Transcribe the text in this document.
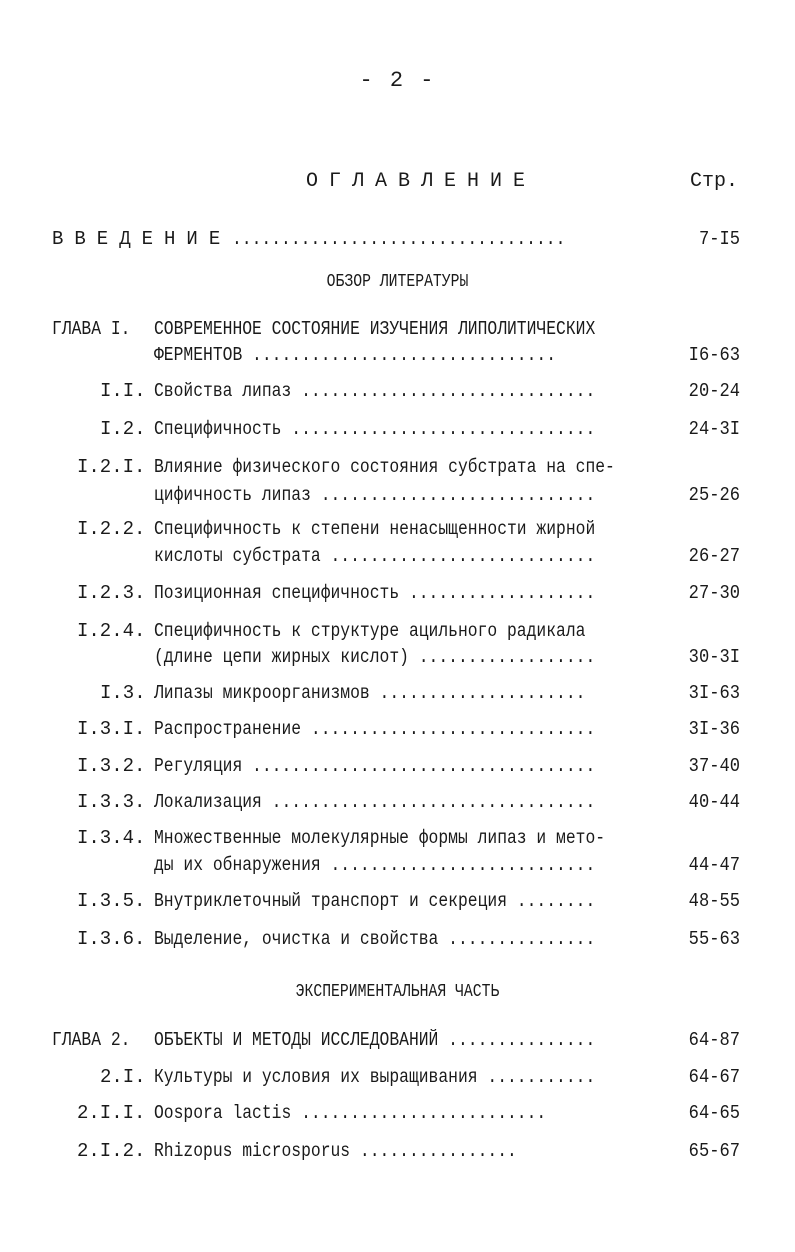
- 2 -
ОГЛАВЛЕНИЕ	Стр.
ВВЕДЕНИЕ ..................................	7-I5
ОБЗОР ЛИТЕРАТУРЫ
ГЛАВА I. СОВРЕМЕННОЕ СОСТОЯНИЕ ИЗУЧЕНИЯ ЛИПОЛИТИЧЕСКИХ
ФЕРМЕНТОВ ...............................	I6-63
I.I. Свойства липаз ..............................	20-24
I.2. Специфичность ...............................	24-3I
I.2.I. Влияние физического состояния субстрата на спе-
цифичноcть липаз ............................	25-26
I.2.2. Специфичность к степени ненасыщенности жирной
кислоты субстрата ...........................	26-27
I.2.3. Позиционная специфичность ...................	27-30
I.2.4. Специфичность к структуре ацильного радикала
(длине цепи жирных кислот) ..................	30-3I
I.3. Липазы микроорганизмов .....................	3I-63
I.3.I. Распространение .............................	3I-36
I.3.2. Регуляция ...................................	37-40
I.3.3. Локализация .................................	40-44
I.3.4. Множественные молекулярные формы липаз и мето-
ды их обнаружения ...........................	44-47
I.3.5. Внутриклеточный транспорт и секреция ........	48-55
I.3.6. Выделение, очистка и свойства ...............	55-63
ЭКСПЕРИМЕНТАЛЬНАЯ ЧАСТЬ
ГЛАВА 2. ОБЪЕКТЫ И МЕТОДЫ ИССЛЕДОВАНИЙ ...............	64-87
2.I. Культуры и условия их выращивания ...........	64-67
2.I.I. Oospora lactis .........................	64-65
2.I.2. Rhizopus microsporus ................	65-67
